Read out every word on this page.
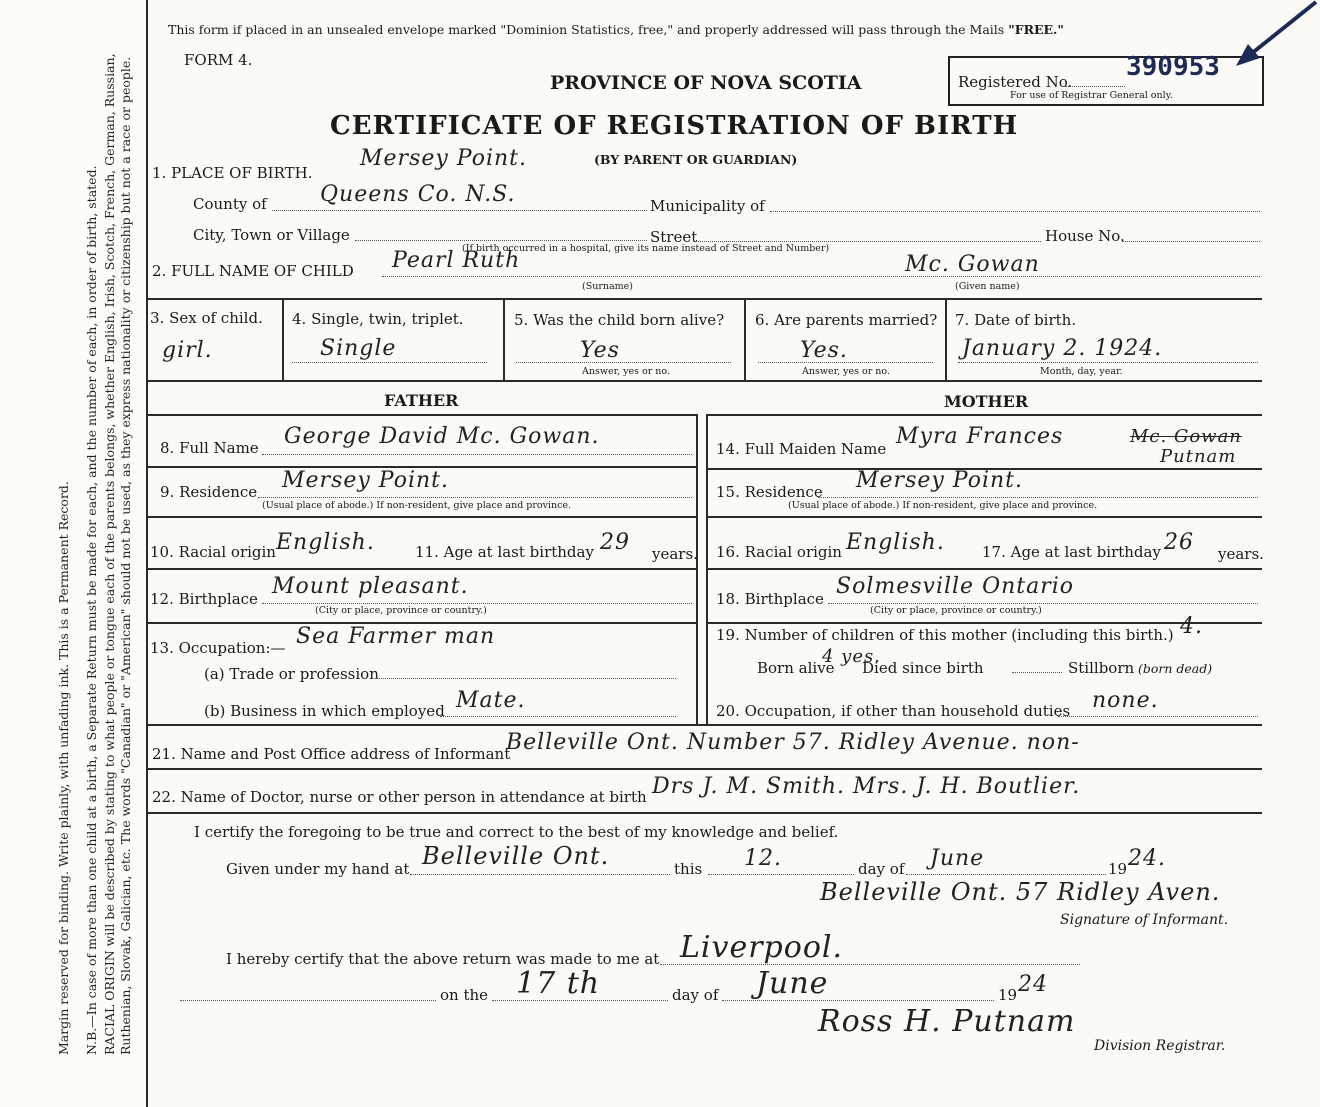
Margin reserved for binding. Write plainly, with unfading ink. This is a Permanent Record. N.B.—In case of more than one child at a birth, a Separate Return must be made for each, and the number of each, in order of birth, stated. RACIAL ORIGIN will be described by stating to what people or tongue each of the parents belongs, whether English, Irish, Scotch, French, German, Russian, Ruthenian, Slovak, Galician, etc. The words "Canadian" or "American" should not be used, as they express nationality or citizenship but not a race or people.
This form if placed in an unsealed envelope marked "Dominion Statistics, free," and properly addressed will pass through the Mails "FREE."
FORM 4.
PROVINCE OF NOVA SCOTIA
CERTIFICATE OF REGISTRATION OF BIRTH
Registered No. 390953
For use of Registrar General only.
1. PLACE OF BIRTH.
Mersey Point.	(BY PARENT OR GUARDIAN)
County of Queens Co. N.S.	Municipality of
City, Town or Village	Street	House No.
(If birth occurred in a hospital, give its name instead of Street and Number)
2. FULL NAME OF CHILD Pearl Ruth	Mc. Gowan
(Surname)	(Given name)
3. Sex of child.
girl.
4. Single, twin, triplet.
Single
5. Was the child born alive?
Yes
Answer, yes or no.
6. Are parents married?
Yes.
Answer, yes or no.
7. Date of birth.
January 2. 1924.
Month, day, year.
FATHER	MOTHER
8. Full Name George David Mc. Gowan.
9. Residence Mersey Point.
(Usual place of abode.) If non-resident, give place and province.
10. Racial origin English.	11. Age at last birthday 29 years.
12. Birthplace Mount pleasant.
(City or place, province or country.)
13. Occupation:— Sea Farmer man
(a) Trade or profession
(b) Business in which employed Mate.
14. Full Maiden Name Myra Frances	Mc. Gowan
Putnam
15. Residence Mersey Point.
(Usual place of abode.) If non-resident, give place and province.
16. Racial origin English. 17. Age at last birthday 26 years.
18. Birthplace Solmesville Ontario
(City or place, province or country.)
19. Number of children of this mother (including this birth.) 4.
Born alive
4 yes.
Died since birth	Stillborn (born dead)
20. Occupation, if other than household duties none.
21. Name and Post Office address of Informant
Belleville Ont. Number 57. Ridley Avenue. non-
22. Name of Doctor, nurse or other person in attendance at birth Drs J. M. Smith. Mrs. J. H. Boutlier.
I certify the foregoing to be true and correct to the best of my knowledge and belief.
Given under my hand at Belleville Ont.	this 12.	day of June	19 24.
Belleville Ont. 57 Ridley Aven.
Signature of Informant.
I hereby certify that the above return was made to me at Liverpool.
on the 17 th	day of June	19 24
Ross H. Putnam
Division Registrar.
